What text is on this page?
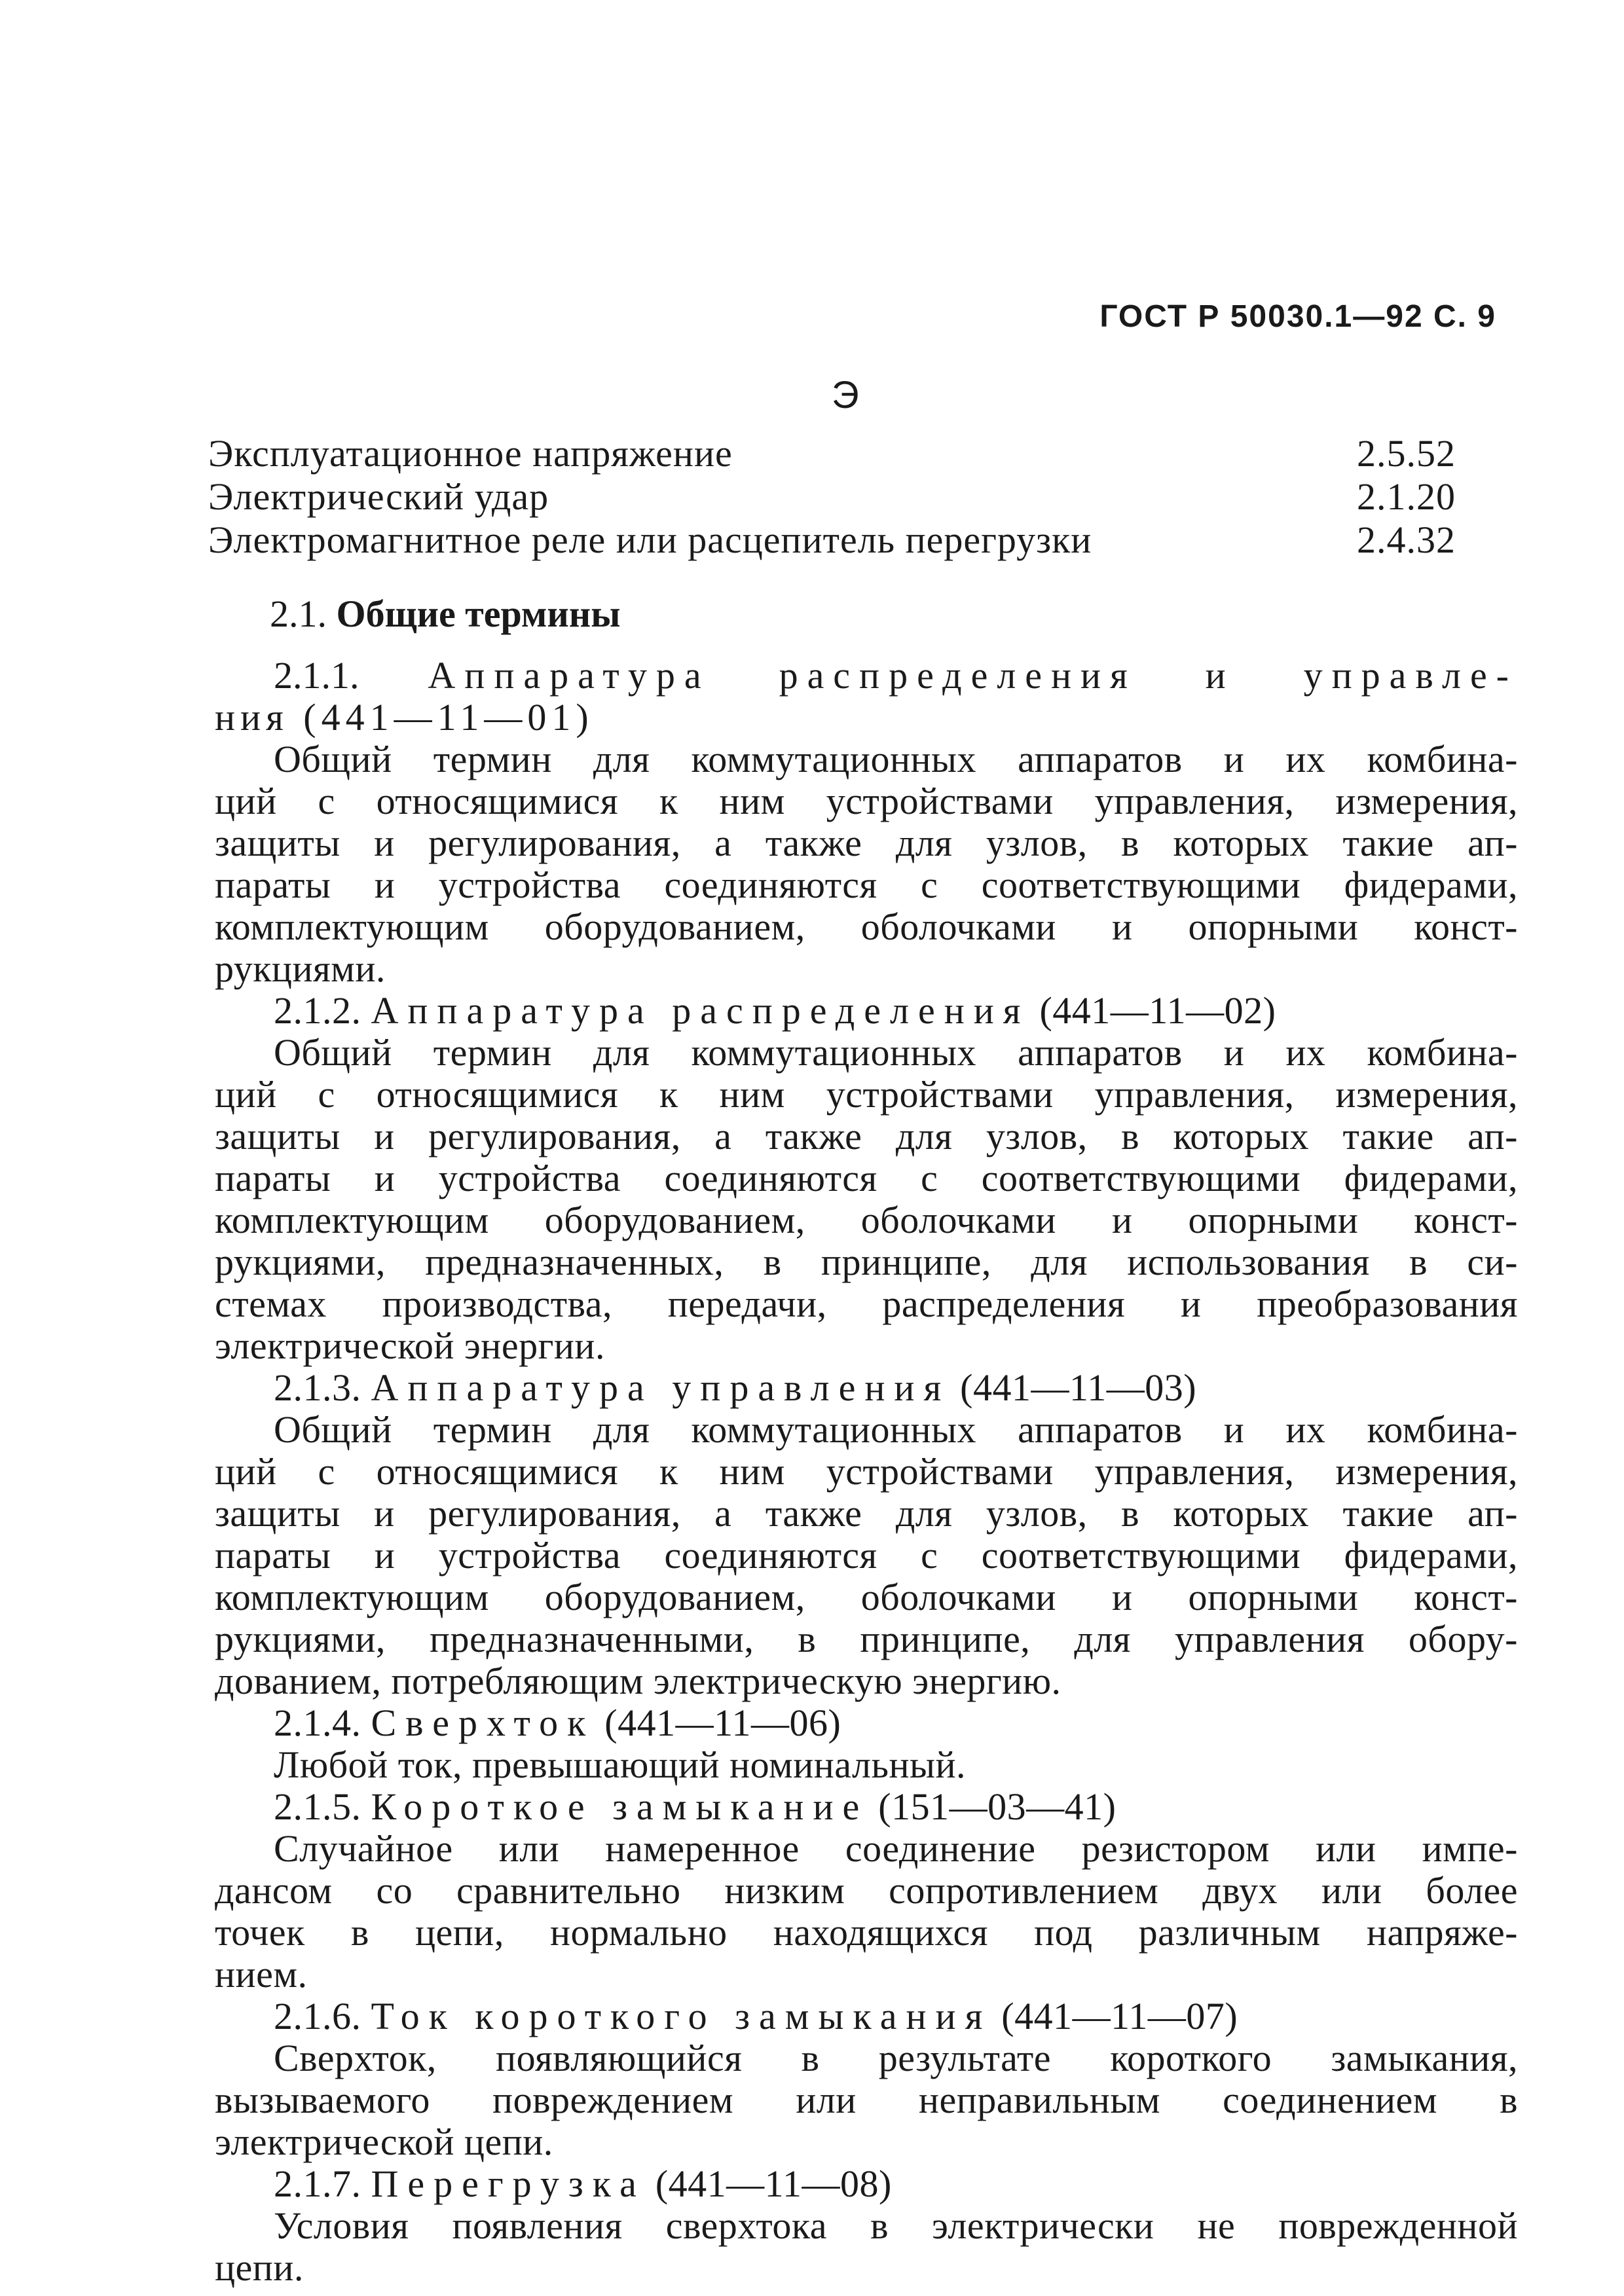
ГОСТ Р 50030.1—92 С. 9
Э
Эксплуатационное напряжение	2.5.52
Электрический удар	2.1.20
Электромагнитное реле или расцепитель перегрузки	2.4.32
2.1. Общие термины
2.1.1. Аппаратура распределения и управле-
ния (441—11—01)
Общий термин для коммутационных аппаратов и их комбина-
ций с относящимися к ним устройствами управления, измерения,
защиты и регулирования, а также для узлов, в которых такие ап-
параты и устройства соединяются с соответствующими фидерами,
комплектующим оборудованием, оболочками и опорными конст-
рукциями.
2.1.2. Аппаратура распределения (441—11—02)
Общий термин для коммутационных аппаратов и их комбина-
ций с относящимися к ним устройствами управления, измерения,
защиты и регулирования, а также для узлов, в которых такие ап-
параты и устройства соединяются с соответствующими фидерами,
комплектующим оборудованием, оболочками и опорными конст-
рукциями, предназначенных, в принципе, для использования в си-
стемах производства, передачи, распределения и преобразования
электрической энергии.
2.1.3. Аппаратура управления (441—11—03)
Общий термин для коммутационных аппаратов и их комбина-
ций с относящимися к ним устройствами управления, измерения,
защиты и регулирования, а также для узлов, в которых такие ап-
параты и устройства соединяются с соответствующими фидерами,
комплектующим оборудованием, оболочками и опорными конст-
рукциями, предназначенными, в принципе, для управления обору-
дованием, потребляющим электрическую энергию.
2.1.4. Сверхток (441—11—06)
Любой ток, превышающий номинальный.
2.1.5. Короткое замыкание (151—03—41)
Случайное или намеренное соединение резистором или импе-
дансом со сравнительно низким сопротивлением двух или более
точек в цепи, нормально находящихся под различным напряже-
нием.
2.1.6. Ток короткого замыкания (441—11—07)
Сверхток, появляющийся в результате короткого замыкания,
вызываемого повреждением или неправильным соединением в
электрической цепи.
2.1.7. Перегрузка (441—11—08)
Условия появления сверхтока в электрически не поврежденной
цепи.
